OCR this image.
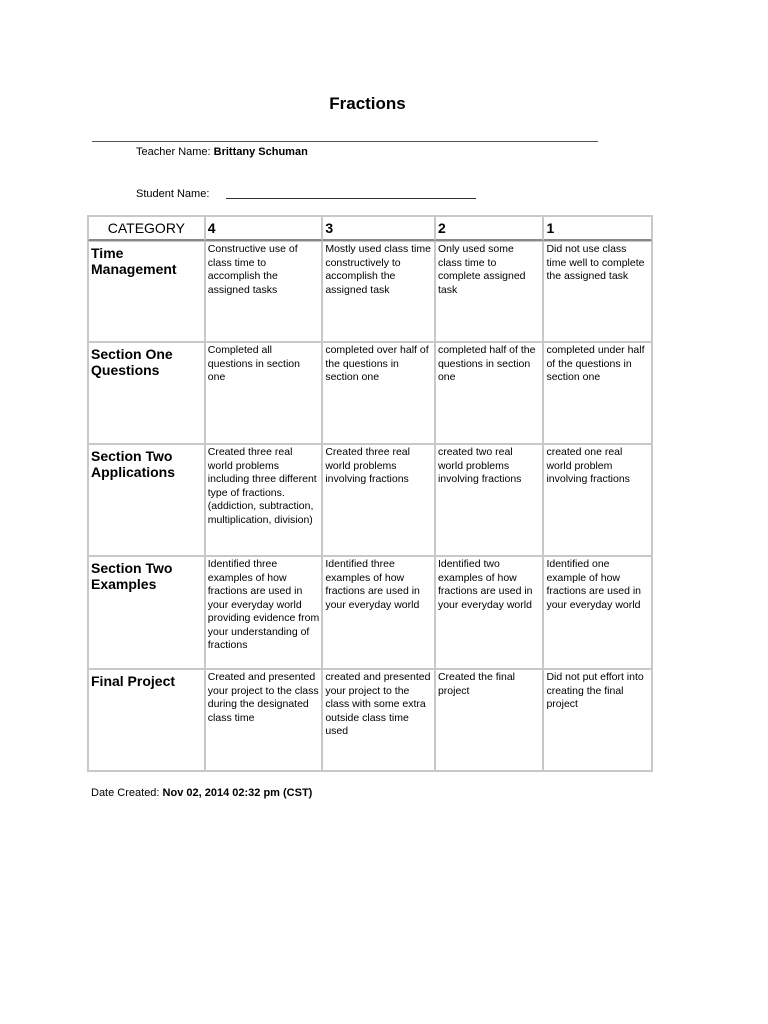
Fractions
Teacher Name: Brittany Schuman
Student Name:
CATEGORY	4	3	2	1
Time Management	Constructive use of class time to accomplish the assigned tasks	Mostly used class time constructively to accomplish the assigned task	Only used some class time to complete assigned task	Did not use class time well to complete the assigned task
Section One Questions	Completed all questions in section one	completed over half of the questions in section one	completed half of the questions in section one	completed under half of the questions in section one
Section Two Applications	Created three real world problems including three different type of fractions.(addiction, subtraction, multiplication, division)	Created three real world problems involving fractions	created two real world problems involving fractions	created one real world problem involving fractions
Section Two Examples	Identified three examples of how fractions are used in your everyday world providing evidence from your understanding of fractions	Identified three examples of how fractions are used in your everyday world	Identified two examples of how fractions are used in your everyday world	Identified one example of how fractions are used in your everyday world
Final Project	Created and presented your project to the class during the designated class time	created and presented your project to the class with some extra outside class time used	Created the final project	Did not put effort into creating the final project
Date Created: Nov 02, 2014 02:32 pm (CST)
